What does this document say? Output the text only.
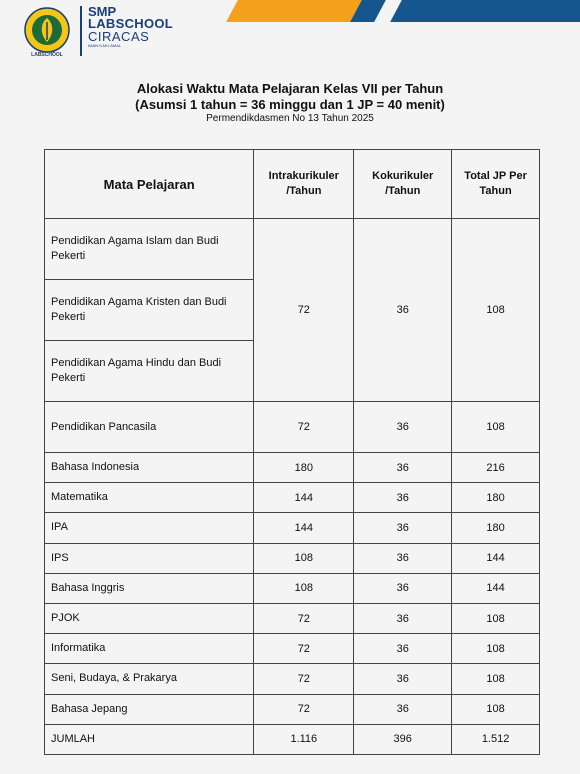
LABSCHOOL
SMP
LABSCHOOL
CIRACAS
IMAN·ILMU·AMAL
Alokasi Waktu Mata Pelajaran Kelas VII per Tahun
(Asumsi 1 tahun = 36 minggu dan 1 JP = 40 menit)
Permendikdasmen No 13 Tahun 2025
Mata Pelajaran	Intrakurikuler /Tahun	Kokurikuler /Tahun	Total JP Per Tahun
Pendidikan Agama Islam dan Budi Pekerti	72	36	108
Pendidikan Agama Kristen dan Budi Pekerti			
Pendidikan Agama Hindu dan Budi Pekerti			
Pendidikan Pancasila	72	36	108
Bahasa Indonesia	180	36	216
Matematika	144	36	180
IPA	144	36	180
IPS	108	36	144
Bahasa Inggris	108	36	144
PJOK	72	36	108
Informatika	72	36	108
Seni, Budaya, & Prakarya	72	36	108
Bahasa Jepang	72	36	108
JUMLAH	1.116	396	1.512
